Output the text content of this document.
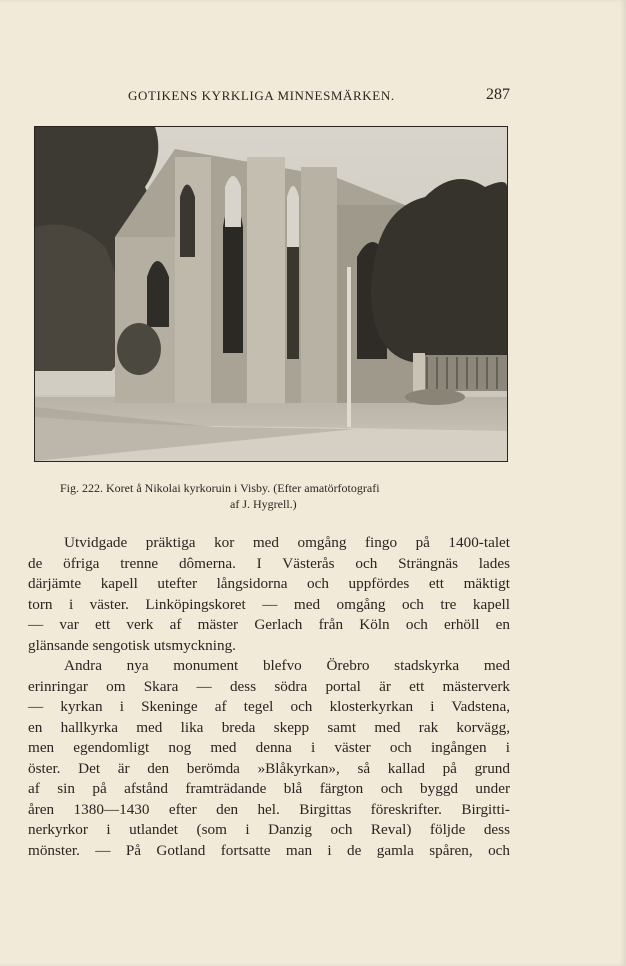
GOTIKENS KYRKLIGA MINNESMÄRKEN.	287
Fig. 222. Koret å Nikolai kyrkoruin i Visby. (Efter amatörfotografi
af J. Hygrell.)
Utvidgade präktiga kor med omgång fingo på 1400-talet
de öfriga trenne dômerna. I Västerås och Strängnäs lades
därjämte kapell utefter långsidorna och uppfördes ett mäktigt
torn i väster. Linköpingskoret — med omgång och tre kapell
— var ett verk af mäster Gerlach från Köln och erhöll en
glänsande sengotisk utsmyckning.
Andra nya monument blefvo Örebro stadskyrka med
erinringar om Skara — dess södra portal är ett mästerverk
— kyrkan i Skeninge af tegel och klosterkyrkan i Vadstena,
en hallkyrka med lika breda skepp samt med rak korvägg,
men egendomligt nog med denna i väster och ingången i
öster. Det är den berömda »Blåkyrkan», så kallad på grund
af sin på afstånd framträdande blå färgton och byggd under
åren 1380—1430 efter den hel. Birgittas föreskrifter. Birgitti-
nerkyrkor i utlandet (som i Danzig och Reval) följde dess
mönster. — På Gotland fortsatte man i de gamla spåren, och
